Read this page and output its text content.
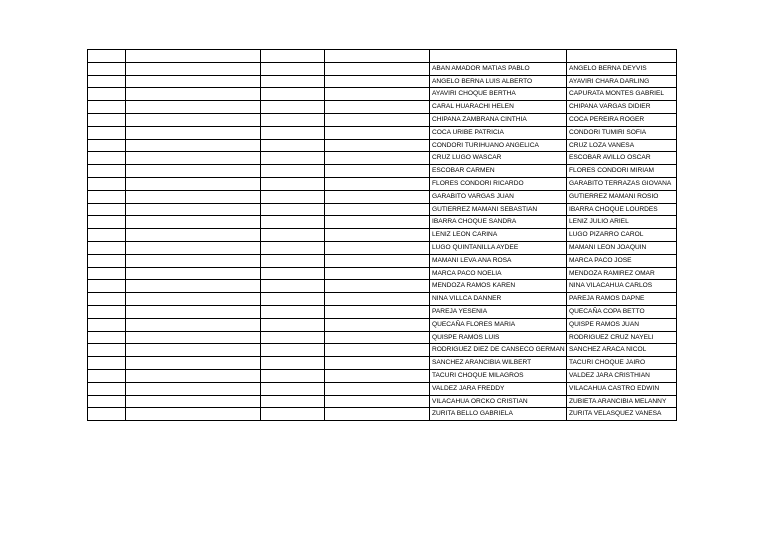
				ABAN AMADOR MATIAS PABLO	ANGELO BERNA DEYVIS
				ANGELO BERNA LUIS ALBERTO	AYAVIRI CHARA DARLING
				AYAVIRI CHOQUE BERTHA	CAPURATA MONTES GABRIEL
				CARAL HUARACHI HELEN	CHIPANA VARGAS DIDIER
				CHIPANA ZAMBRANA CINTHIA	COCA PEREIRA ROGER
				COCA URIBE PATRICIA	CONDORI TUMIRI SOFIA
				CONDORI TURIHUANO ANGELICA	CRUZ LOZA VANESA
				CRUZ LUGO WASCAR	ESCOBAR AVILLO OSCAR
				ESCOBAR CARMEN	FLORES CONDORI MIRIAM
				FLORES CONDORI RICARDO	GARABITO TERRAZAS GIOVANA
				GARABITO VARGAS JUAN	GUTIERREZ MAMANI ROSIO
				GUTIERREZ MAMANI SEBASTIAN	IBARRA CHOQUE LOURDES
				IBARRA CHOQUE SANDRA	LENIZ JULIO ARIEL
				LENIZ LEON CARINA	LUGO PIZARRO CAROL
				LUGO QUINTANILLA AYDEE	MAMANI LEON JOAQUIN
				MAMANI LEVA ANA ROSA	MARCA PACO JOSE
				MARCA PACO NOELIA	MENDOZA RAMIREZ OMAR
				MENDOZA RAMOS KAREN	NINA VILACAHUA CARLOS
				NINA VILLCA DANNER	PAREJA RAMOS DAPNE
				PAREJA YESENIA	QUECAÑA COPA BETTO
				QUECAÑA FLORES MARIA	QUISPE RAMOS JUAN
				QUISPE RAMOS LUIS	RODRIGUEZ CRUZ NAYELI
				RODRIGUEZ DIEZ DE CANSECO GERMAN	SANCHEZ ARACA NICOL
				SANCHEZ ARANCIBIA WILBERT	TACURI CHOQUE JAIRO
				TACURI CHOQUE MILAGROS	VALDEZ JARA CRISTHIAN
				VALDEZ JARA FREDDY	VILACAHUA CASTRO EDWIN
				VILACAHUA ORCKO CRISTIAN	ZUBIETA ARANCIBIA MELANNY
				ZURITA BELLO GABRIELA	ZURITA VELASQUEZ VANESA
